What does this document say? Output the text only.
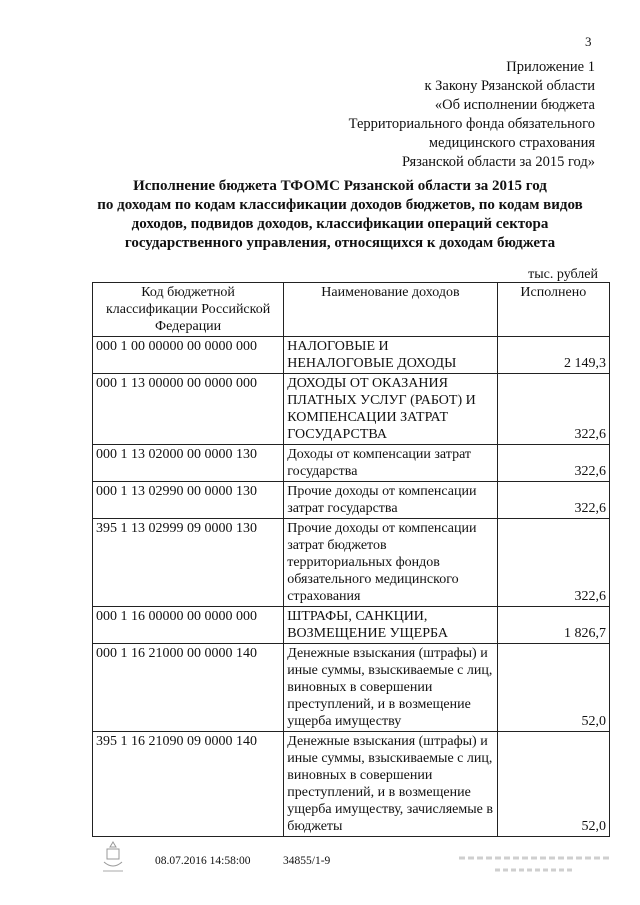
3
Приложение 1
к Закону Рязанской области
«Об исполнении бюджета
Территориального фонда обязательного
медицинского страхования
Рязанской области за 2015 год»
Исполнение бюджета ТФОМС Рязанской области за 2015 год
по доходам по кодам классификации доходов бюджетов, по кодам видов
доходов, подвидов доходов, классификации операций сектора
государственного управления, относящихся к доходам бюджета
тыс. рублей
Код бюджетной классификации Российской Федерации	Наименование доходов	Исполнено
000 1 00 00000 00 0000 000	НАЛОГОВЫЕ И НЕНАЛОГОВЫЕ ДОХОДЫ	2 149,3
000 1 13 00000 00 0000 000	ДОХОДЫ ОТ ОКАЗАНИЯ ПЛАТНЫХ УСЛУГ (РАБОТ) И КОМПЕНСАЦИИ ЗАТРАТ ГОСУДАРСТВА	322,6
000 1 13 02000 00 0000 130	Доходы от компенсации затрат государства	322,6
000 1 13 02990 00 0000 130	Прочие доходы от компенсации затрат государства	322,6
395 1 13 02999 09 0000 130	Прочие доходы от компенсации затрат бюджетов территориальных фондов обязательного медицинского страхования	322,6
000 1 16 00000 00 0000 000	ШТРАФЫ, САНКЦИИ, ВОЗМЕЩЕНИЕ УЩЕРБА	1 826,7
000 1 16 21000 00 0000 140	Денежные взыскания (штрафы) и иные суммы, взыскиваемые с лиц, виновных в совершении преступлений, и в возмещение ущерба имуществу	52,0
395 1 16 21090 09 0000 140	Денежные взыскания (штрафы) и иные суммы, взыскиваемые с лиц, виновных в совершении преступлений, и в возмещение ущерба имуществу, зачисляемые в бюджеты	52,0
08.07.2016 14:58:00	34855/1-9
